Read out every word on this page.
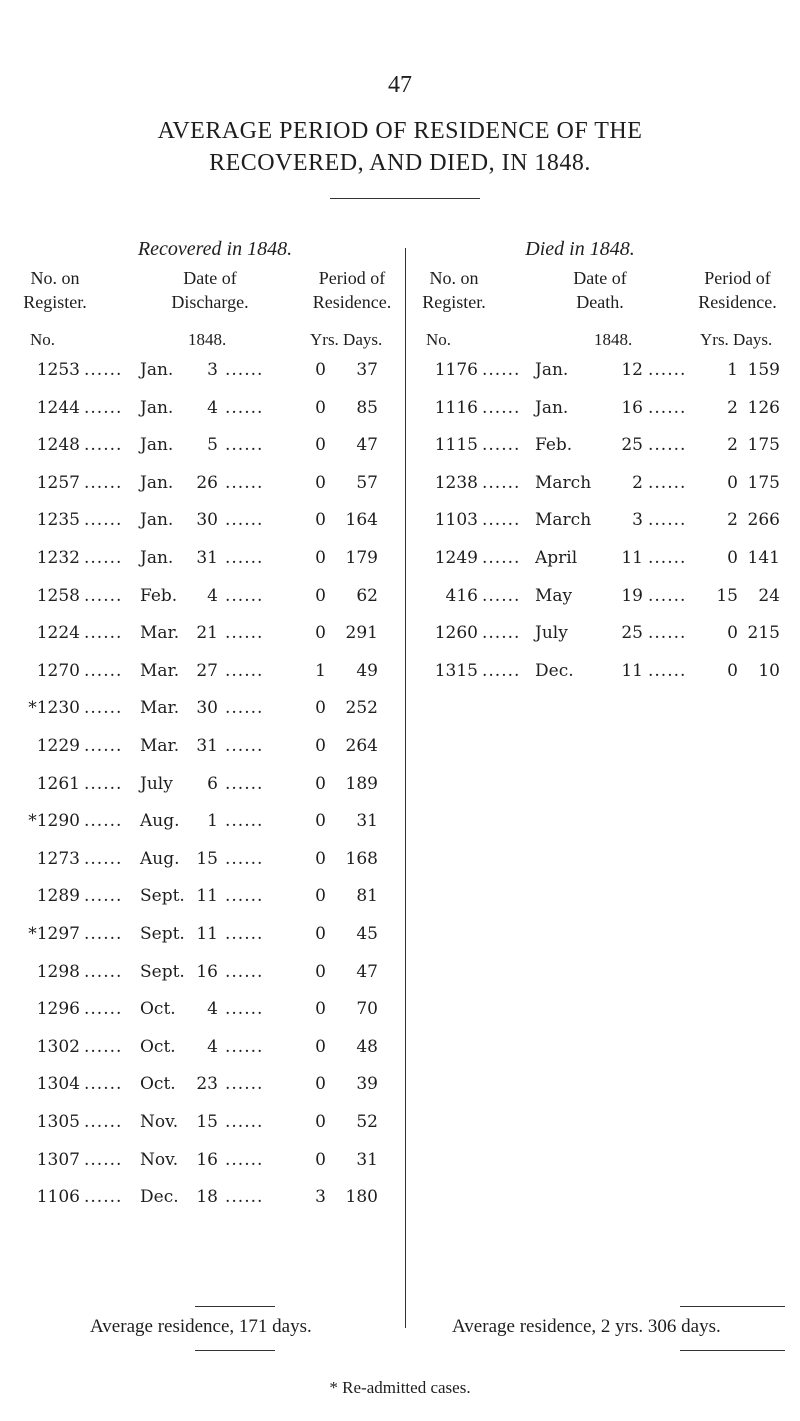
47
AVERAGE PERIOD OF RESIDENCE OF THE
RECOVERED, AND DIED, IN 1848.
Recovered in 1848.
No. on
Register.
Date of
Discharge.
Period of
Residence.
No.	1848.	Yrs. Days.
1253 ...... Jan. 3 ......	0 37
1244 ...... Jan. 4 ......	0 85
1248 ...... Jan. 5 ......	0 47
1257 ...... Jan. 26 ......	0 57
1235 ...... Jan. 30 ......	0 164
1232 ...... Jan. 31 ......	0 179
1258 ...... Feb. 4 ......	0 62
1224 ...... Mar. 21 ......	0 291
1270 ...... Mar. 27 ......	1 49
*1230 ...... Mar. 30 ......	0 252
1229 ...... Mar. 31 ......	0 264
1261 ...... July 6 ......	0 189
*1290 ...... Aug. 1 ......	0 31
1273 ...... Aug. 15 ......	0 168
1289 ...... Sept. 11 ......	0 81
*1297 ...... Sept. 11 ......	0 45
1298 ...... Sept. 16 ......	0 47
1296 ...... Oct. 4 ......	0 70
1302 ...... Oct. 4 ......	0 48
1304 ...... Oct. 23 ......	0 39
1305 ...... Nov. 15 ......	0 52
1307 ...... Nov. 16 ......	0 31
1106 ...... Dec. 18 ......	3 180
Average residence, 171 days.
Died in 1848.
No. on
Register.
Date of
Death.
Period of
Residence.
No.	1848.	Yrs. Days.
1176 ...... Jan.	12 ...... 1 159
1116 ...... Jan.	16 ...... 2 126
1115 ...... Feb.	25 ...... 2 175
1238 ...... March 2 ...... 0 175
1103 ...... March 3 ...... 2 266
1249 ...... April	11 ...... 0 141
416 ...... May	19 ...... 15 24
1260 ...... July	25 ...... 0 215
1315 ...... Dec.	11 ...... 0 10
Average residence, 2 yrs. 306 days.
* Re-admitted cases.
